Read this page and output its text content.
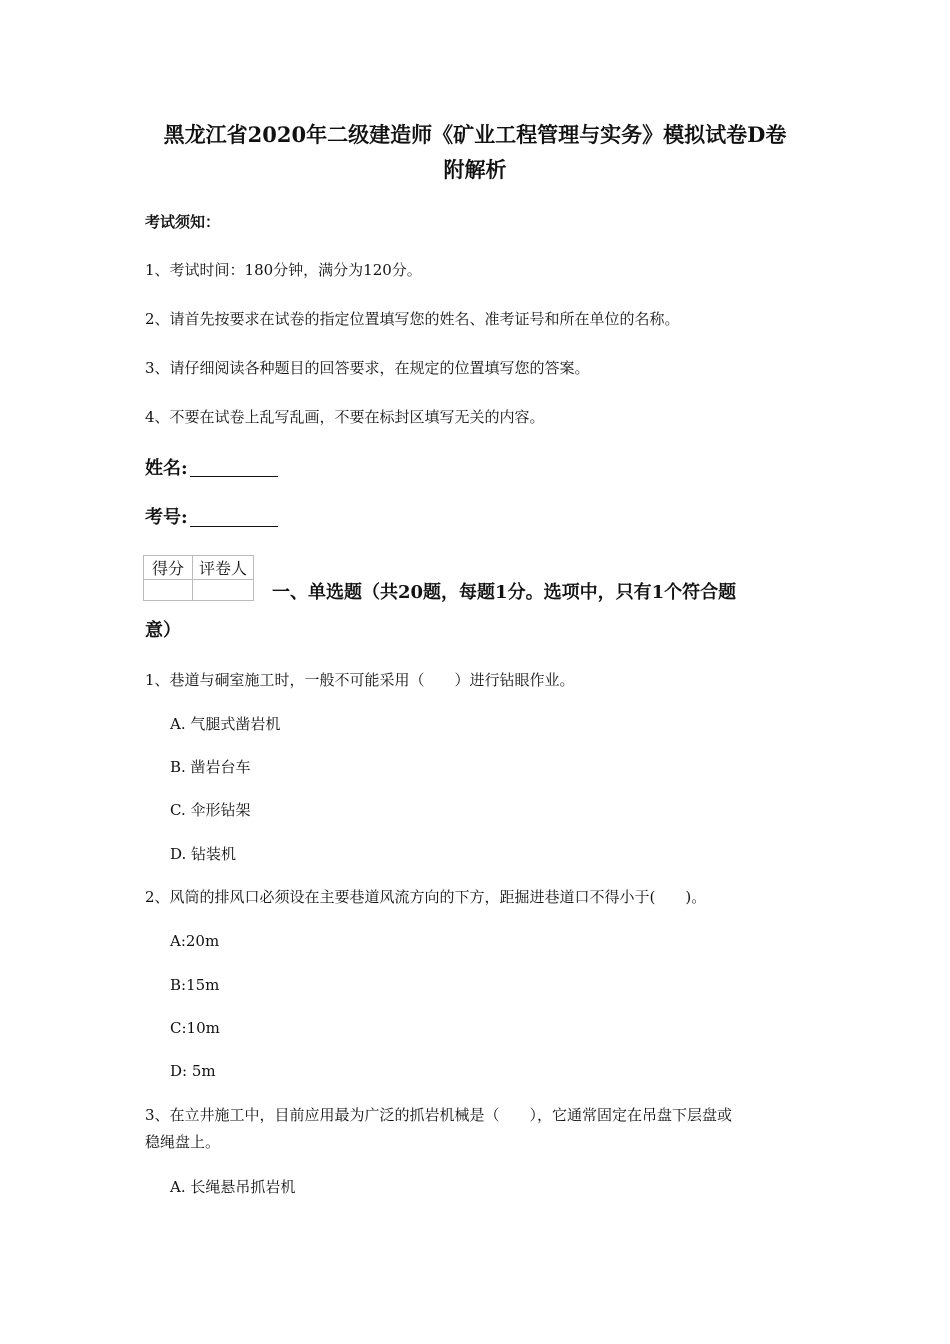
黑龙江省2020年二级建造师《矿业工程管理与实务》模拟试卷D卷
附解析
考试须知：
1、考试时间：180分钟，满分为120分。
2、请首先按要求在试卷的指定位置填写您的姓名、准考证号和所在单位的名称。
3、请仔细阅读各种题目的回答要求，在规定的位置填写您的答案。
4、不要在试卷上乱写乱画，不要在标封区填写无关的内容。
姓名:
考号:
得分	评卷人

一、单选题（共20题，每题1分。选项中，只有1个符合题
意）
1、巷道与硐室施工时，一般不可能采用（　　）进行钻眼作业。
A. 气腿式凿岩机
B. 凿岩台车
C. 伞形钻架
D. 钻装机
2、风筒的排风口必须设在主要巷道风流方向的下方，距掘进巷道口不得小于(　　)。
A:20m
B:15m
C:10m
D: 5m
3、在立井施工中，目前应用最为广泛的抓岩机械是（　　），它通常固定在吊盘下层盘或
稳绳盘上。
A. 长绳悬吊抓岩机
